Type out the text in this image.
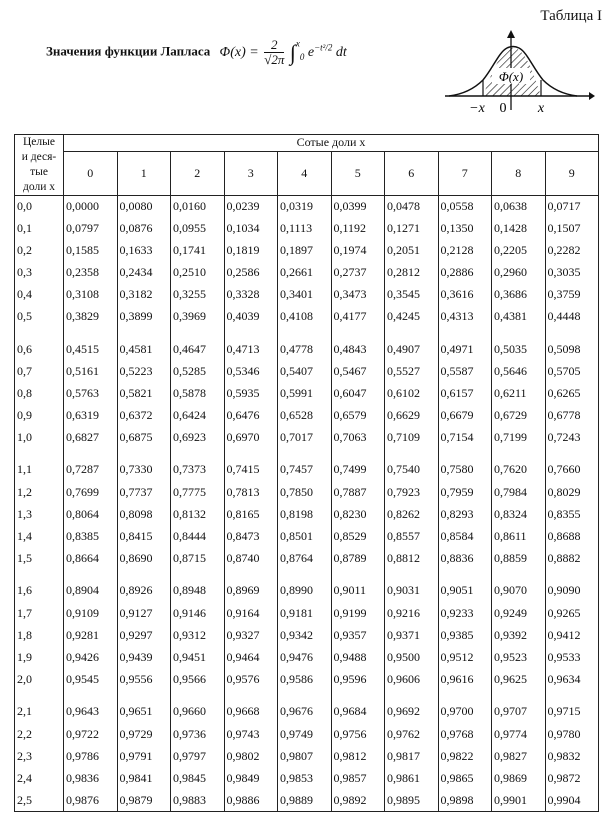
Таблица I
Значения функции Лапласа $\Phi(x) = \frac{2}{√2\pi} \int^x_0$ $e^{-t^2/2}$ dt
Φ(x)
−x 0 x
Целые
и деся-
тые
доли x	Сотые доли x									
	0	1	2	3	4	5	6	7	8	9
0,0	0,0000	0,0080	0,0160	0,0239	0,0319	0,0399	0,0478	0,0558	0,0638	0,0717
0,1	0,0797	0,0876	0,0955	0,1034	0,1113	0,1192	0,1271	0,1350	0,1428	0,1507
0,2	0,1585	0,1633	0,1741	0,1819	0,1897	0,1974	0,2051	0,2128	0,2205	0,2282
0,3	0,2358	0,2434	0,2510	0,2586	0,2661	0,2737	0,2812	0,2886	0,2960	0,3035
0,4	0,3108	0,3182	0,3255	0,3328	0,3401	0,3473	0,3545	0,3616	0,3686	0,3759
0,5	0,3829	0,3899	0,3969	0,4039	0,4108	0,4177	0,4245	0,4313	0,4381	0,4448
0,6	0,4515	0,4581	0,4647	0,4713	0,4778	0,4843	0,4907	0,4971	0,5035	0,5098
0,7	0,5161	0,5223	0,5285	0,5346	0,5407	0,5467	0,5527	0,5587	0,5646	0,5705
0,8	0,5763	0,5821	0,5878	0,5935	0,5991	0,6047	0,6102	0,6157	0,6211	0,6265
0,9	0,6319	0,6372	0,6424	0,6476	0,6528	0,6579	0,6629	0,6679	0,6729	0,6778
1,0	0,6827	0,6875	0,6923	0,6970	0,7017	0,7063	0,7109	0,7154	0,7199	0,7243
1,1	0,7287	0,7330	0,7373	0,7415	0,7457	0,7499	0,7540	0,7580	0,7620	0,7660
1,2	0,7699	0,7737	0,7775	0,7813	0,7850	0,7887	0,7923	0,7959	0,7984	0,8029
1,3	0,8064	0,8098	0,8132	0,8165	0,8198	0,8230	0,8262	0,8293	0,8324	0,8355
1,4	0,8385	0,8415	0,8444	0,8473	0,8501	0,8529	0,8557	0,8584	0,8611	0,8688
1,5	0,8664	0,8690	0,8715	0,8740	0,8764	0,8789	0,8812	0,8836	0,8859	0,8882
1,6	0,8904	0,8926	0,8948	0,8969	0,8990	0,9011	0,9031	0,9051	0,9070	0,9090
1,7	0,9109	0,9127	0,9146	0,9164	0,9181	0,9199	0,9216	0,9233	0,9249	0,9265
1,8	0,9281	0,9297	0,9312	0,9327	0,9342	0,9357	0,9371	0,9385	0,9392	0,9412
1,9	0,9426	0,9439	0,9451	0,9464	0,9476	0,9488	0,9500	0,9512	0,9523	0,9533
2,0	0,9545	0,9556	0,9566	0,9576	0,9586	0,9596	0,9606	0,9616	0,9625	0,9634
2,1	0,9643	0,9651	0,9660	0,9668	0,9676	0,9684	0,9692	0,9700	0,9707	0,9715
2,2	0,9722	0,9729	0,9736	0,9743	0,9749	0,9756	0,9762	0,9768	0,9774	0,9780
2,3	0,9786	0,9791	0,9797	0,9802	0,9807	0,9812	0,9817	0,9822	0,9827	0,9832
2,4	0,9836	0,9841	0,9845	0,9849	0,9853	0,9857	0,9861	0,9865	0,9869	0,9872
2,5	0,9876	0,9879	0,9883	0,9886	0,9889	0,9892	0,9895	0,9898	0,9901	0,9904
